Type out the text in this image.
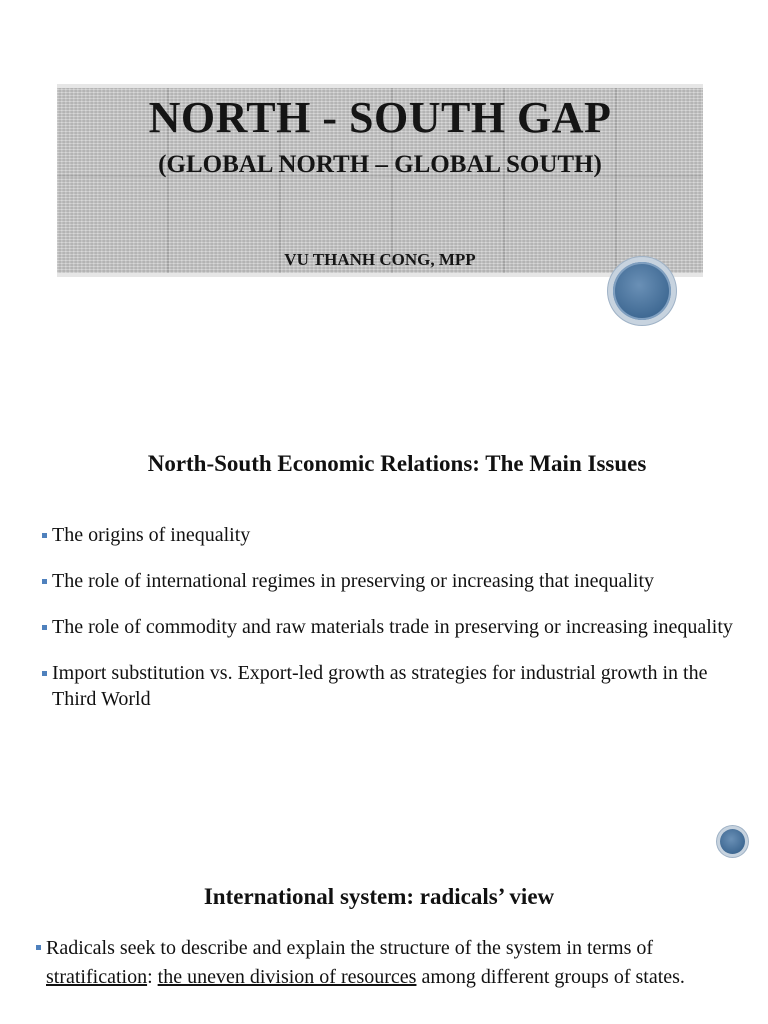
NORTH - SOUTH GAP
(GLOBAL NORTH – GLOBAL SOUTH)
VU THANH CONG, MPP
North-South Economic Relations: The Main Issues
The origins of inequality
The role of international regimes in preserving or increasing that inequality
The role of commodity and raw materials trade in preserving or increasing inequality
Import substitution vs. Export-led growth as strategies for industrial growth in the Third World
International system: radicals’ view
Radicals seek to describe and explain the structure of the system in terms of stratification: the uneven division of resources among different groups of states.
